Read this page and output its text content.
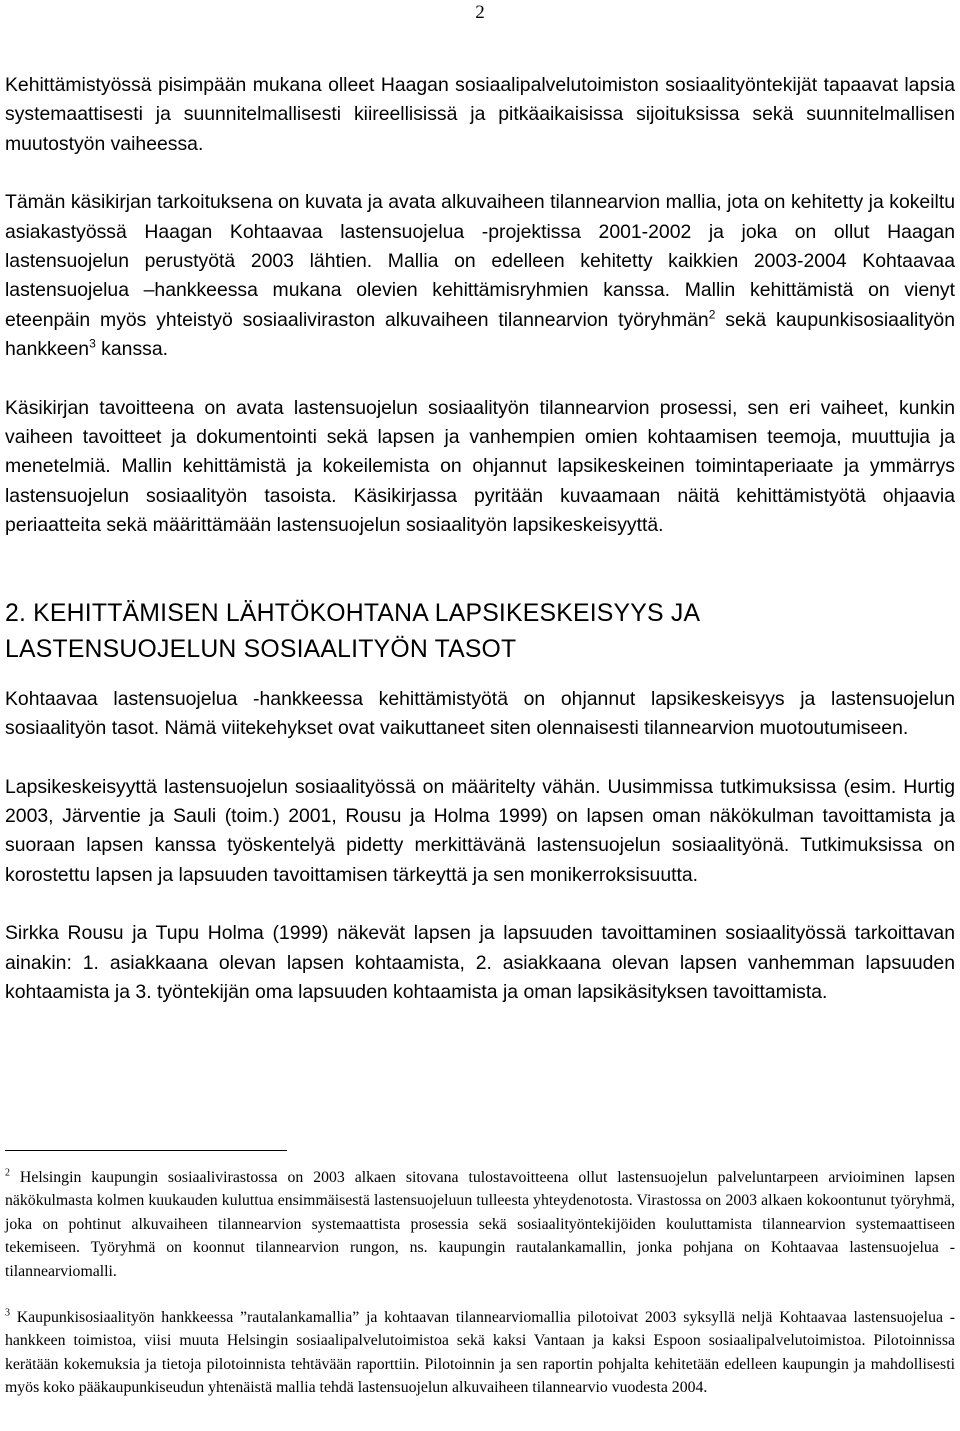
2

Kehittämistyössä pisimpään mukana olleet Haagan sosiaalipalvelutoimiston sosiaalityöntekijät tapaavat lapsia systemaattisesti ja suunnitelmallisesti kiireellisissä ja pitkäaikaisissa sijoituksissa sekä suunnitelmallisen muutostyön vaiheessa.

Tämän käsikirjan tarkoituksena on kuvata ja avata alkuvaiheen tilannearvion mallia, jota on kehitetty ja kokeiltu asiakastyössä Haagan Kohtaavaa lastensuojelua -projektissa 2001-2002 ja joka on ollut Haagan lastensuojelun perustyötä 2003 lähtien. Mallia on edelleen kehitetty kaikkien 2003-2004 Kohtaavaa lastensuojelua –hankkeessa mukana olevien kehittämisryhmien kanssa. Mallin kehittämistä on vienyt eteenpäin myös yhteistyö sosiaaliviraston alkuvaiheen tilannearvion työryhmän$^2$ sekä kaupunkisosiaalityön hankkeen$^3$ kanssa.

Käsikirjan tavoitteena on avata lastensuojelun sosiaalityön tilannearvion prosessi, sen eri vaiheet, kunkin vaiheen tavoitteet ja dokumentointi sekä lapsen ja vanhempien omien kohtaamisen teemoja, muuttujia ja menetelmiä. Mallin kehittämistä ja kokeilemista on ohjannut lapsikeskeinen toimintaperiaate ja ymmärrys lastensuojelun sosiaalityön tasoista. Käsikirjassa pyritään kuvaamaan näitä kehittämistyötä ohjaavia periaatteita sekä määrittämään lastensuojelun sosiaalityön lapsikeskeisyyttä.

2. KEHITTÄMISEN LÄHTÖKOHTANA LAPSIKESKEISYYS JA
LASTENSUOJELUN SOSIAALITYÖN TASOT

Kohtaavaa lastensuojelua -hankkeessa kehittämistyötä on ohjannut lapsikeskeisyys ja lastensuojelun sosiaalityön tasot. Nämä viitekehykset ovat vaikuttaneet siten olennaisesti tilannearvion muotoutumiseen.

Lapsikeskeisyyttä lastensuojelun sosiaalityössä on määritelty vähän. Uusimmissa tutkimuksissa (esim. Hurtig 2003, Järventie ja Sauli (toim.) 2001, Rousu ja Holma 1999) on lapsen oman näkökulman tavoittamista ja suoraan lapsen kanssa työskentelyä pidetty merkittävänä lastensuojelun sosiaalityönä. Tutkimuksissa on korostettu lapsen ja lapsuuden tavoittamisen tärkeyttä ja sen monikerroksisuutta.

Sirkka Rousu ja Tupu Holma (1999) näkevät lapsen ja lapsuuden tavoittaminen sosiaalityössä tarkoittavan ainakin: 1. asiakkaana olevan lapsen kohtaamista, 2. asiakkaana olevan lapsen vanhemman lapsuuden kohtaamista ja 3. työntekijän oma lapsuuden kohtaamista ja oman lapsikäsityksen tavoittamista.

$^2$ Helsingin kaupungin sosiaalivirastossa on 2003 alkaen sitovana tulostavoitteena ollut lastensuojelun palveluntarpeen arvioiminen lapsen näkökulmasta kolmen kuukauden kuluttua ensimmäisestä lastensuojeluun tulleesta yhteydenotosta. Virastossa on 2003 alkaen kokoontunut työryhmä, joka on pohtinut alkuvaiheen tilannearvion systemaattista prosessia sekä sosiaalityöntekijöiden kouluttamista tilannearvion systemaattiseen tekemiseen. Työryhmä on koonnut tilannearvion rungon, ns. kaupungin rautalankamallin, jonka pohjana on Kohtaavaa lastensuojelua -tilannearviomalli.

$^3$ Kaupunkisosiaalityön hankkeessa ”rautalankamallia” ja kohtaavan tilannearviomallia pilotoivat 2003 syksyllä neljä Kohtaavaa lastensuojelua -hankkeen toimistoa, viisi muuta Helsingin sosiaalipalvelutoimistoa sekä kaksi Vantaan ja kaksi Espoon sosiaalipalvelutoimistoa. Pilotoinnissa kerätään kokemuksia ja tietoja pilotoinnista tehtävään raporttiin. Pilotoinnin ja sen raportin pohjalta kehitetään edelleen kaupungin ja mahdollisesti myös koko pääkaupunkiseudun yhtenäistä mallia tehdä lastensuojelun alkuvaiheen tilannearvio vuodesta 2004.
